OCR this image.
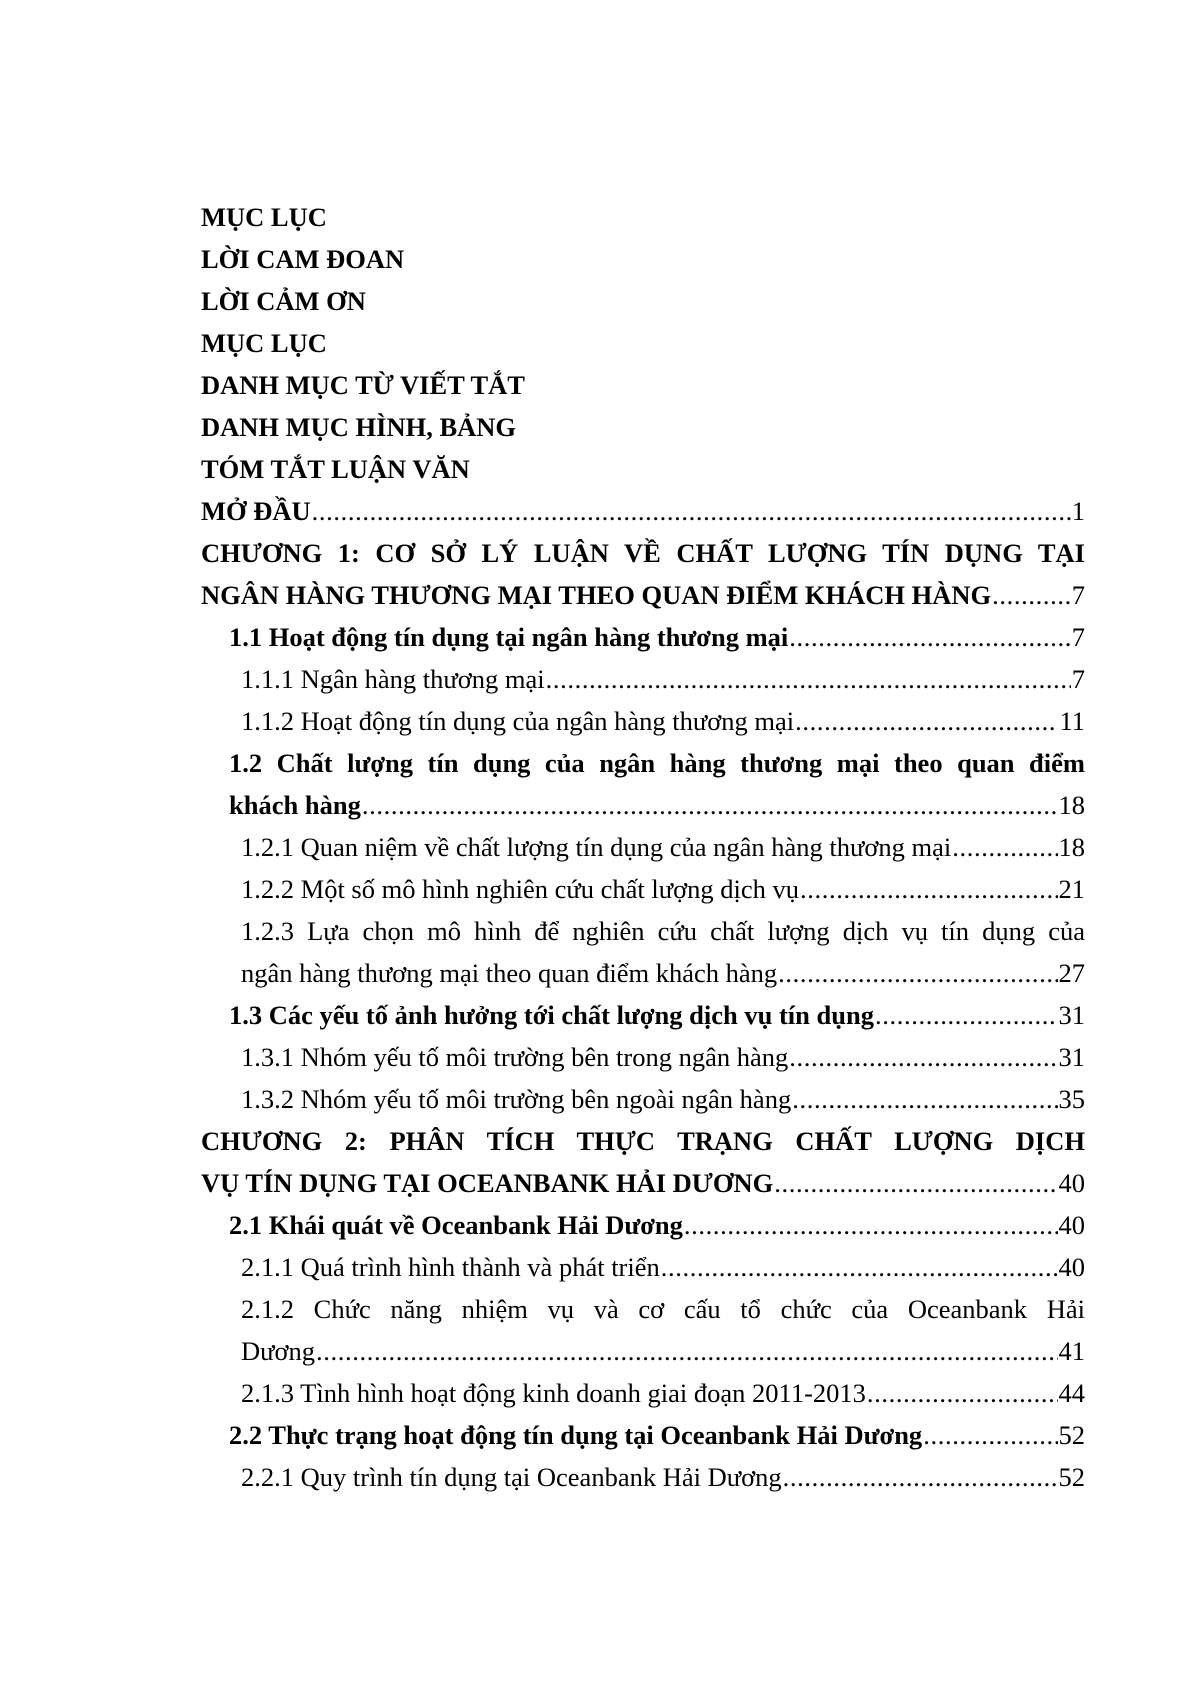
MỤC LỤC
LỜI CAM ĐOAN
LỜI CẢM ƠN
MỤC LỤC
DANH MỤC TỪ VIẾT TẮT
DANH MỤC HÌNH, BẢNG
TÓM TẮT LUẬN VĂN
MỞ ĐẦU . . .	1
CHƯƠNG 1: CƠ SỞ LÝ LUẬN VỀ CHẤT LƯỢNG TÍN DỤNG TẠI
NGÂN HÀNG THƯƠNG MẠI THEO QUAN ĐIỂM KHÁCH HÀNG . . .	7
1.1 Hoạt động tín dụng tại ngân hàng thương mại . . .	7
1.1.1 Ngân hàng thương mại . . .	7
1.1.2 Hoạt động tín dụng của ngân hàng thương mại . . .	11
1.2 Chất lượng tín dụng của ngân hàng thương mại theo quan điểm
khách hàng . . .	18
1.2.1 Quan niệm về chất lượng tín dụng của ngân hàng thương mại . . .	18
1.2.2 Một số mô hình nghiên cứu chất lượng dịch vụ . . .	21
1.2.3 Lựa chọn mô hình để nghiên cứu chất lượng dịch vụ tín dụng của
ngân hàng thương mại theo quan điểm khách hàng . . .	27
1.3 Các yếu tố ảnh hưởng tới chất lượng dịch vụ tín dụng . . .	31
1.3.1 Nhóm yếu tố môi trường bên trong ngân hàng . . .	31
1.3.2 Nhóm yếu tố môi trường bên ngoài ngân hàng . . .	35
CHƯƠNG 2: PHÂN TÍCH THỰC TRẠNG CHẤT LƯỢNG DỊCH
VỤ TÍN DỤNG TẠI OCEANBANK HẢI DƯƠNG . . .	40
2.1 Khái quát về Oceanbank Hải Dương . . .	40
2.1.1 Quá trình hình thành và phát triển . . .	40
2.1.2 Chức năng nhiệm vụ và cơ cấu tổ chức của Oceanbank Hải
Dương . . .	41
2.1.3 Tình hình hoạt động kinh doanh giai đoạn 2011-2013 . . .	44
2.2 Thực trạng hoạt động tín dụng tại Oceanbank Hải Dương . . .	52
2.2.1 Quy trình tín dụng tại Oceanbank Hải Dương . . .	52
